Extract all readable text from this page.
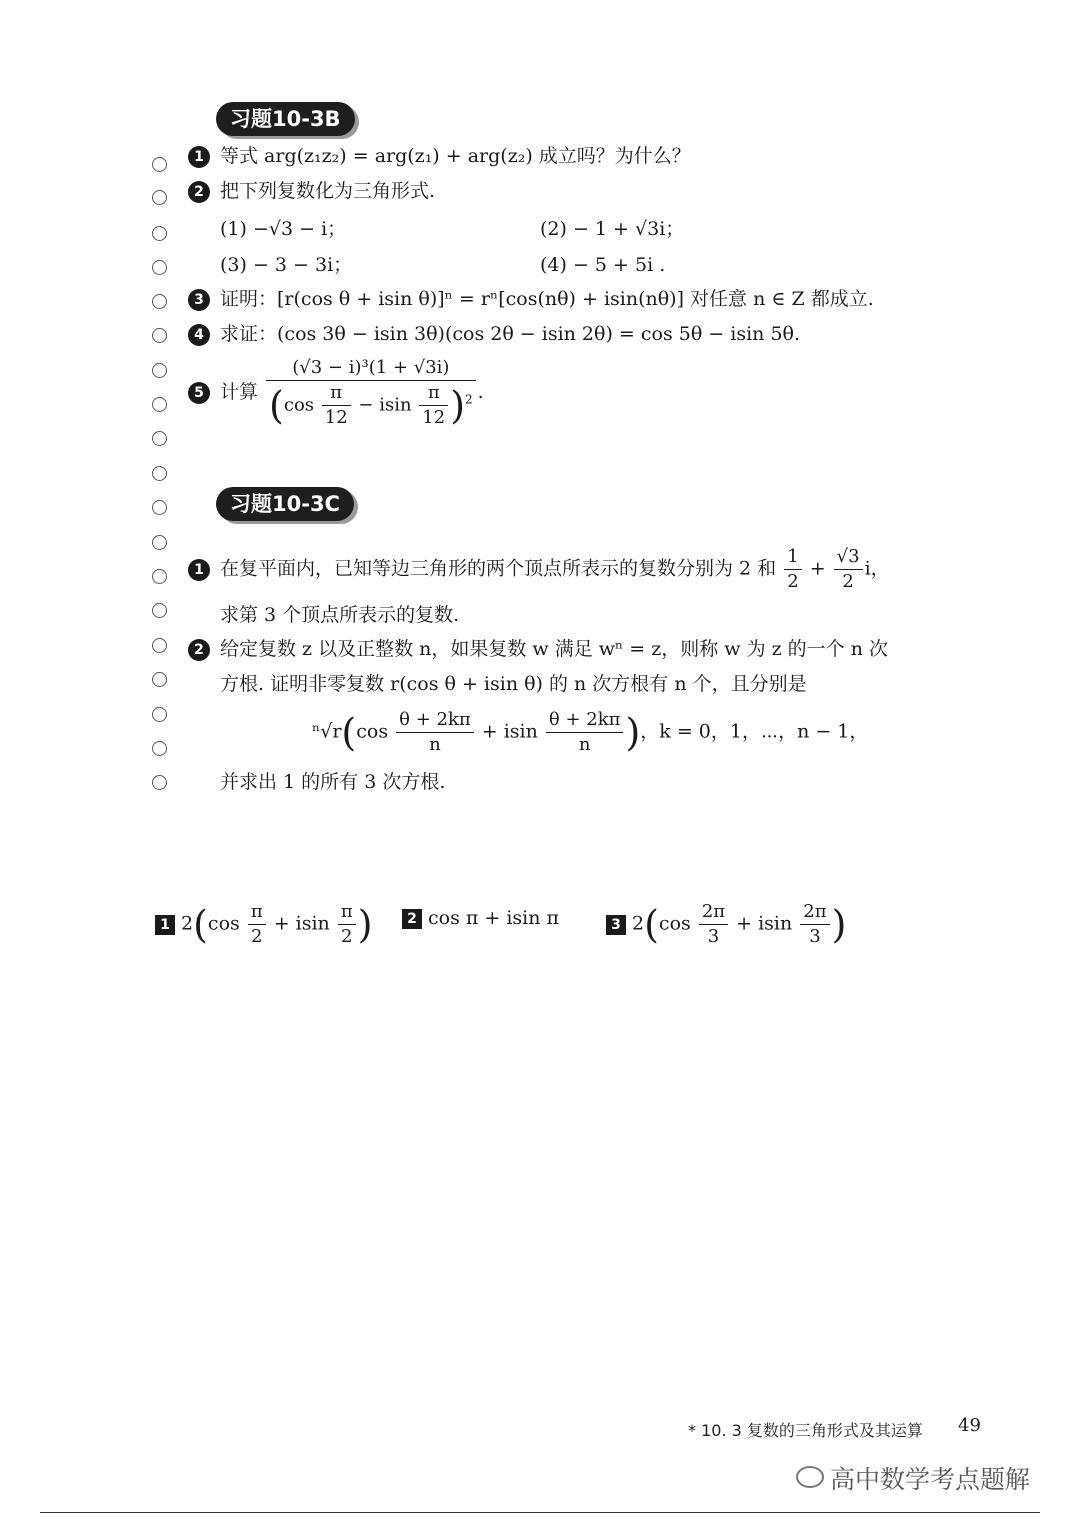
习题10-3B
1 等式 arg(z₁z₂) = arg(z₁) + arg(z₂) 成立吗？为什么？
2 把下列复数化为三角形式.
(1) −√3 − i；	(2) − 1 + √3i；
(3) − 3 − 3i；	(4) − 5 + 5i .
3 证明：[r(cos θ + isin θ)]ⁿ = rⁿ[cos(nθ) + isin(nθ)] 对任意 n ∈ Z 都成立.
4 求证：(cos 3θ − isin 3θ)(cos 2θ − isin 2θ) = cos 5θ − isin 5θ.
5 计算 $\frac{\text{(√3 − i)³(1 + √3i)}}{(\cos \frac{\pi}{12} - isin \frac{\pi}{12} )^2}$ .
习题10-3C
1 在复平面内，已知等边三角形的两个顶点所表示的复数分别为 2 和 $\frac{1}{2} + \frac{√3}{2}$ i，
求第 3 个顶点所表示的复数.
2 给定复数 z 以及正整数 n，如果复数 w 满足 wⁿ = z，则称 w 为 z 的一个 n 次
方根. 证明非零复数 r(cos θ + isin θ) 的 n 次方根有 n 个，且分别是
$^n√r(\cos \frac{\theta + 2k\pi}{n} + isin \frac{\theta + 2k\pi}{n}$ )，k = 0，1，⋯，n − 1，
并求出 1 的所有 3 次方根.
1 $2(\cos \frac{\pi}{2} + isin \frac{\pi}{2}$ )	2 cos π + isin π	3 $2(\cos \frac{2\pi}{3} + isin \frac{2\pi}{3}$ )
* 10. 3 复数的三角形式及其运算 49
高中数学考点题解
